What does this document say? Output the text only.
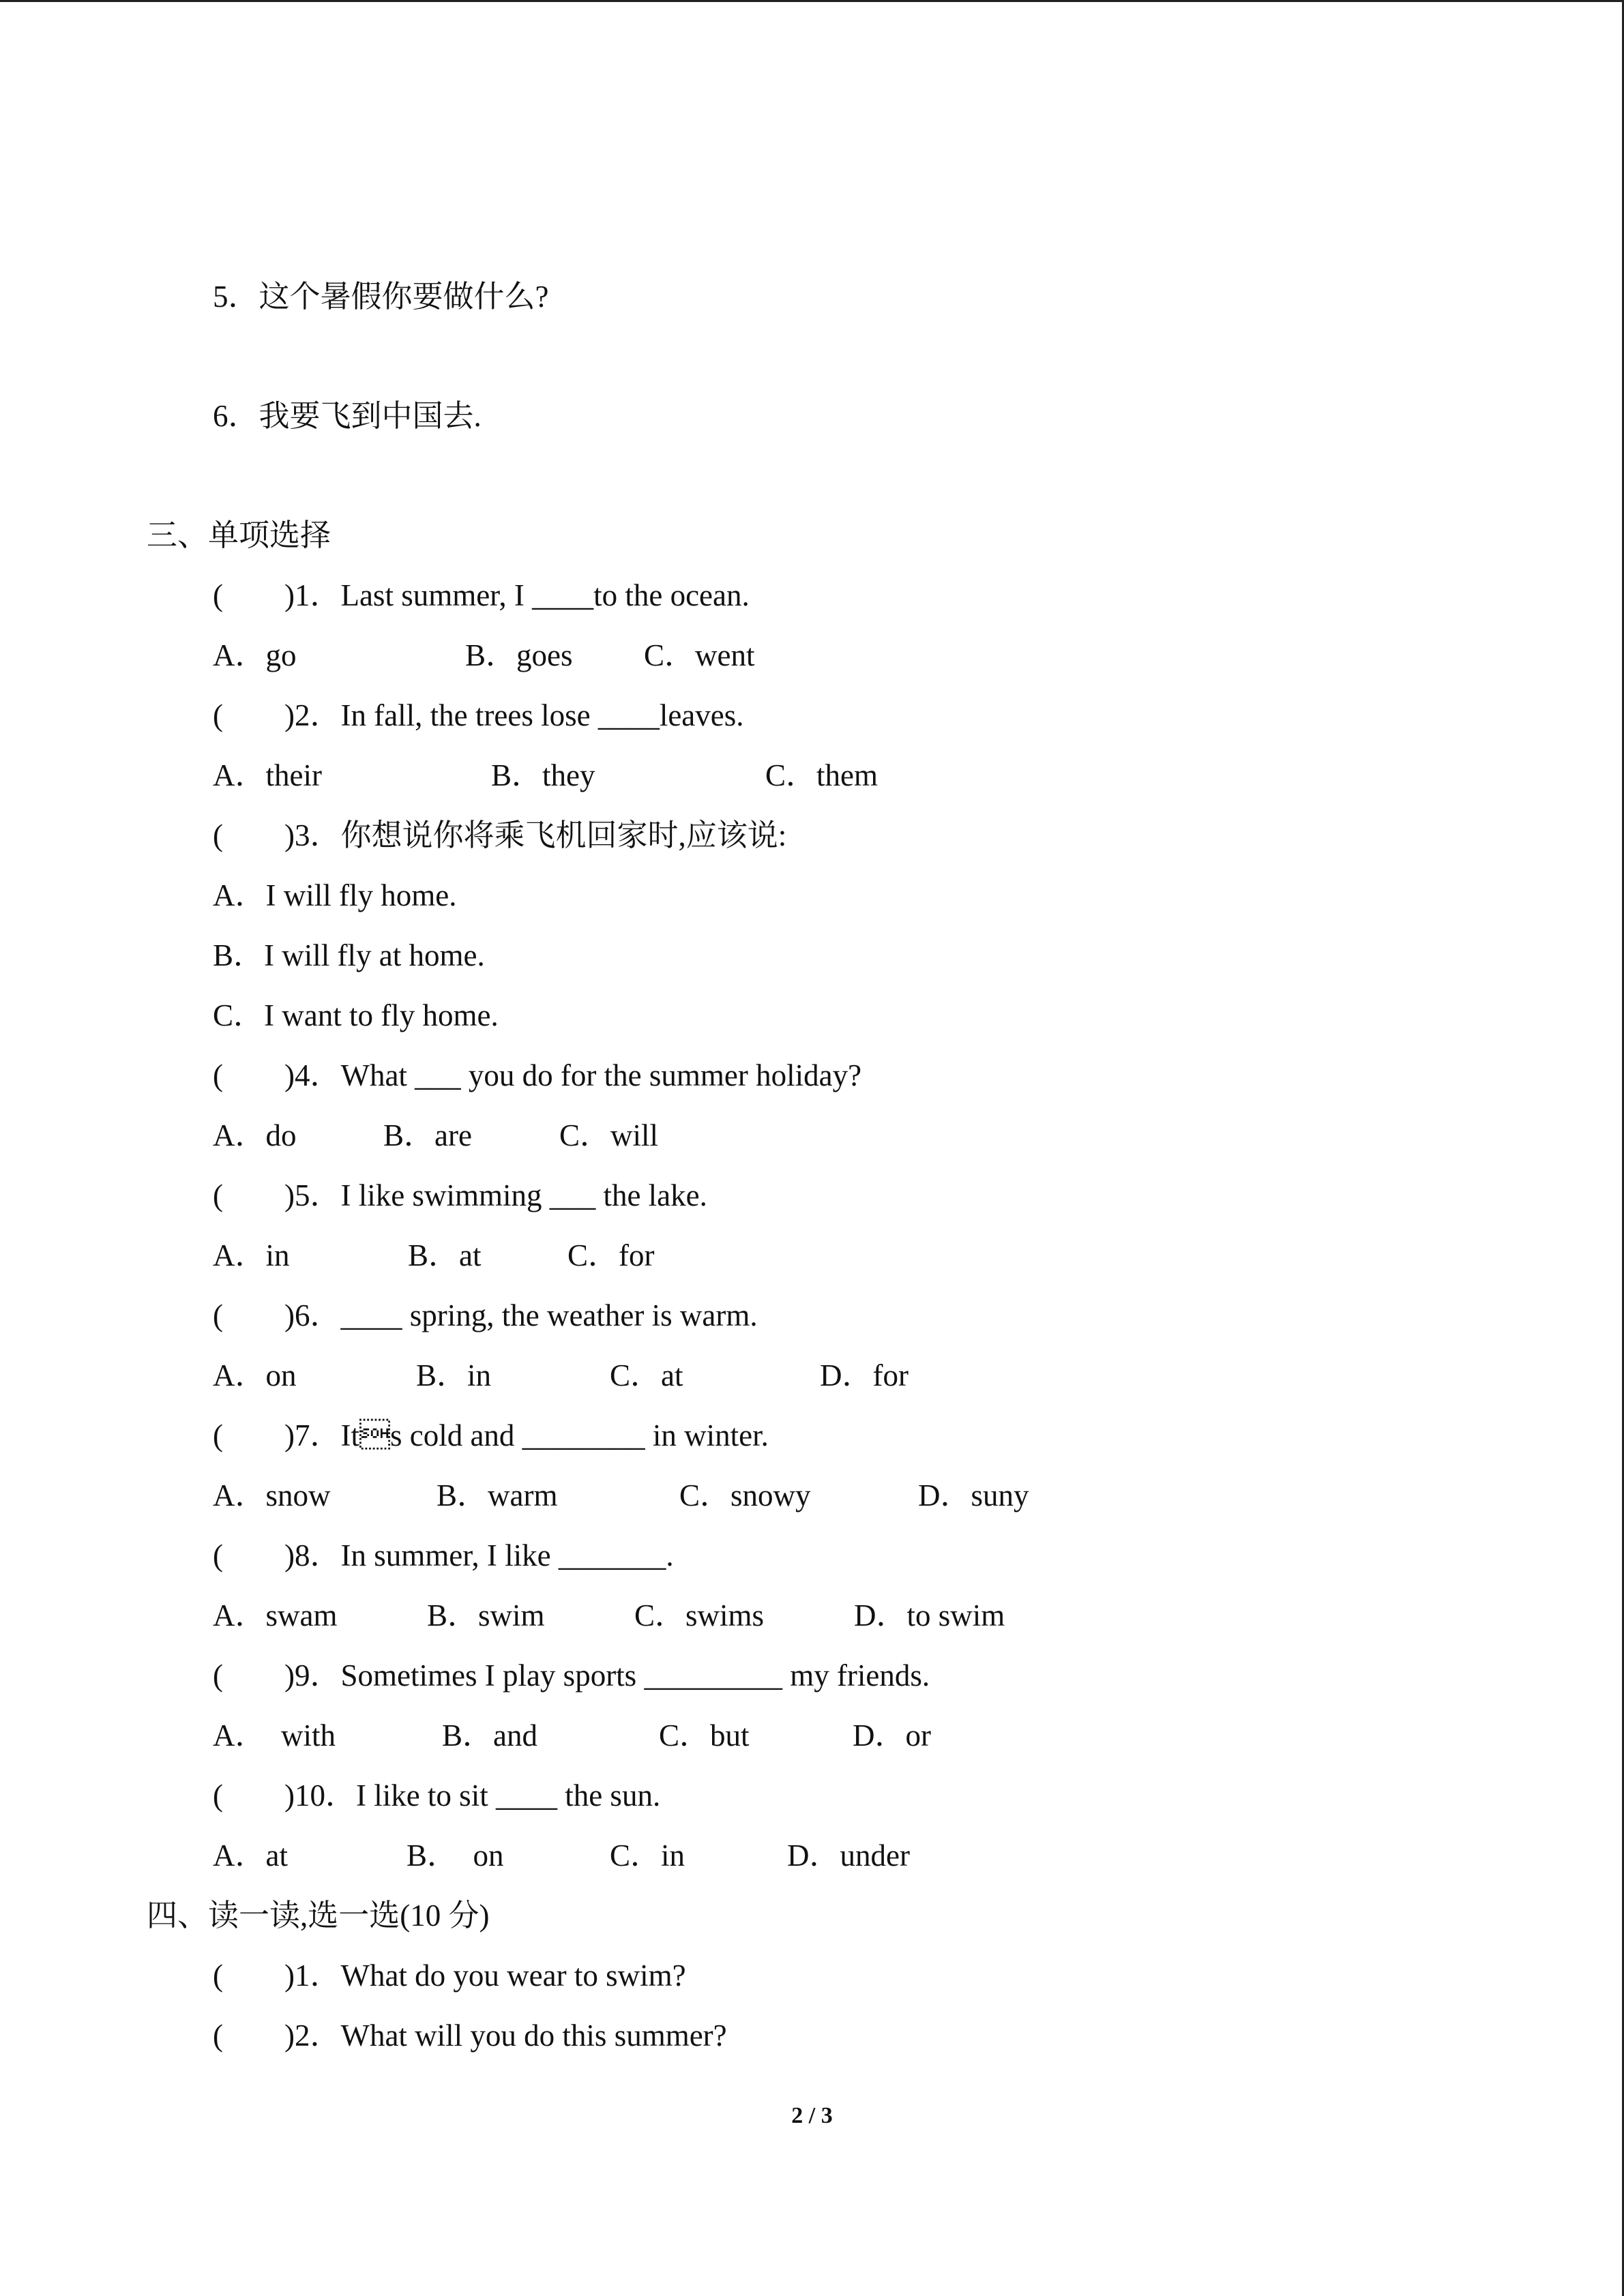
5．这个暑假你要做什么?
6．我要飞到中国去.
三、单项选择
(        )1．Last summer, I ____to the ocean.
A．go	B．goes C．went
(        )2．In fall, the trees lose ____leaves.
A．their	B．they	C．them
(        )3．你想说你将乘飞机回家时,应该说:
A．I will fly home.
B．I will fly at home.
C．I want to fly home.
(        )4．What ___ you do for the summer holiday?
A．do	B．are	C．will
(        )5．I like swimming ___ the lake.
A．in	B．at	C．for
(        )6．____ spring, the weather is warm.
A．on	B．in	C．at	D．for
(        )7．Its cold and ________ in winter.
A．snow	B．warm	C．snowy	D．suny
(        )8．In summer, I like _______.
A．swam	B．swim	C．swims	D．to swim
(        )9．Sometimes I play sports _________ my friends.
A．  with	B．and	C．but	D．or
(        )10．I like to sit ____ the sun.
A．at	B．  on	C．in	D．under
四、读一读,选一选(10 分)
(        )1．What do you wear to swim?
(        )2．What will you do this summer?
2 / 3
